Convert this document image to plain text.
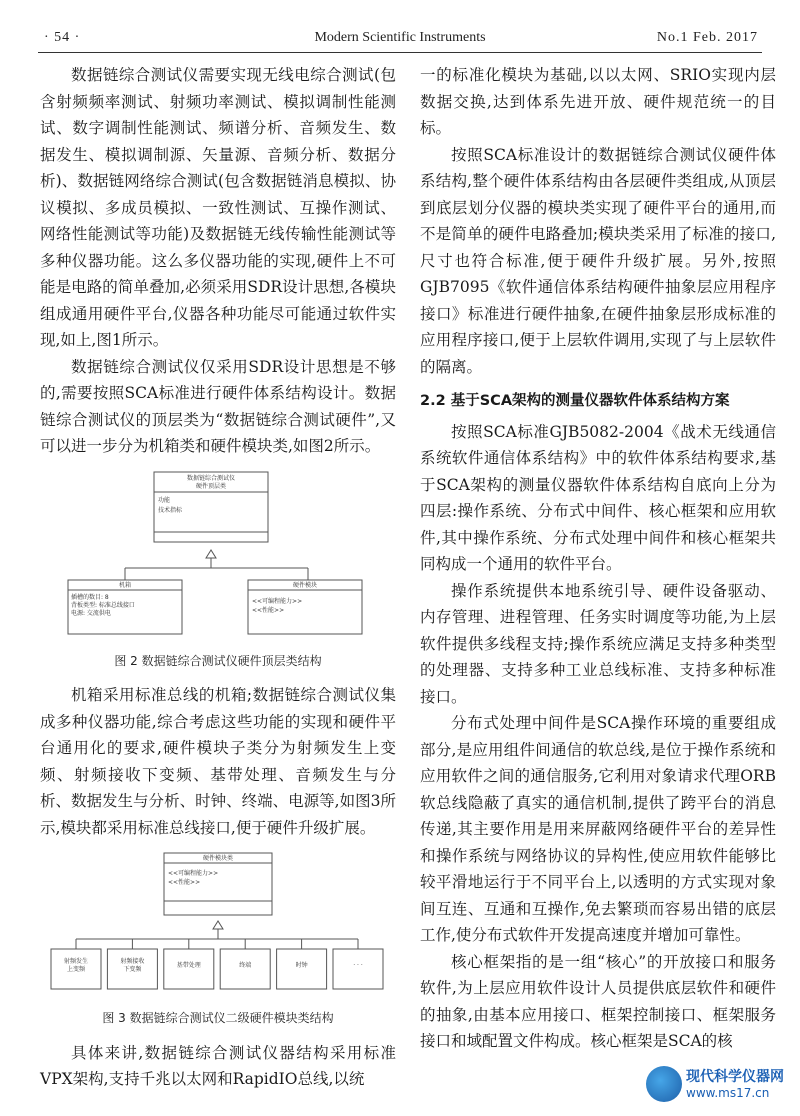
· 54 ·	Modern Scientific Instruments	No.1 Feb. 2017

数据链综合测试仪需要实现无线电综合测试(包含射频频率测试、射频功率测试、模拟调制性能测试、数字调制性能测试、频谱分析、音频发生、数据发生、模拟调制源、矢量源、音频分析、数据分析)、数据链网络综合测试(包含数据链消息模拟、协议模拟、多成员模拟、一致性测试、互操作测试、网络性能测试等功能)及数据链无线传输性能测试等多种仪器功能。这么多仪器功能的实现,硬件上不可能是电路的简单叠加,必须采用SDR设计思想,各模块组成通用硬件平台,仪器各种功能尽可能通过软件实现,如上,图1所示。

数据链综合测试仪仅采用SDR设计思想是不够的,需要按照SCA标准进行硬件体系结构设计。数据链综合测试仪的顶层类为“数据链综合测试硬件”,又可以进一步分为机箱类和硬件模块类,如图2所示。

数据链综合测试仪
硬件顶层类
功能
技术指标
机箱
插槽的数目: 8
背板类型: 标准总线接口
电源: 交流供电
硬件模块
<<可编程能力>>
<<性能>>
图 2 数据链综合测试仪硬件顶层类结构

机箱采用标准总线的机箱;数据链综合测试仪集成多种仪器功能,综合考虑这些功能的实现和硬件平台通用化的要求,硬件模块子类分为射频发生上变频、射频接收下变频、基带处理、音频发生与分析、数据发生与分析、时钟、终端、电源等,如图3所示,模块都采用标准总线接口,便于硬件升级扩展。

硬件模块类
<<可编程能力>>
<<性能>>
射频发生
上变频
射频接收
下变频
基带处理	终端	时钟	· · ·
图 3 数据链综合测试仪二级硬件模块类结构

具体来讲,数据链综合测试仪器结构采用标准VPX架构,支持千兆以太网和RapidIO总线,以统

一的标准化模块为基础,以以太网、SRIO实现内层数据交换,达到体系先进开放、硬件规范统一的目标。

按照SCA标准设计的数据链综合测试仪硬件体系结构,整个硬件体系结构由各层硬件类组成,从顶层到底层划分仪器的模块类实现了硬件平台的通用,而不是简单的硬件电路叠加;模块类采用了标准的接口,尺寸也符合标准,便于硬件升级扩展。另外,按照GJB7095《软件通信体系结构硬件抽象层应用程序接口》标准进行硬件抽象,在硬件抽象层形成标准的应用程序接口,便于上层软件调用,实现了与上层软件的隔离。

2.2 基于SCA架构的测量仪器软件体系结构方案

按照SCA标准GJB5082-2004《战术无线通信系统软件通信体系结构》中的软件体系结构要求,基于SCA架构的测量仪器软件体系结构自底向上分为四层:操作系统、分布式中间件、核心框架和应用软件,其中操作系统、分布式处理中间件和核心框架共同构成一个通用的软件平台。

操作系统提供本地系统引导、硬件设备驱动、内存管理、进程管理、任务实时调度等功能,为上层软件提供多线程支持;操作系统应满足支持多种类型的处理器、支持多种工业总线标准、支持多种标准接口。

分布式处理中间件是SCA操作环境的重要组成部分,是应用组件间通信的软总线,是位于操作系统和应用软件之间的通信服务,它利用对象请求代理ORB软总线隐蔽了真实的通信机制,提供了跨平台的消息传递,其主要作用是用来屏蔽网络硬件平台的差异性和操作系统与网络协议的异构性,使应用软件能够比较平滑地运行于不同平台上,以透明的方式实现对象间互连、互通和互操作,免去繁琐而容易出错的底层工作,使分布式软件开发提高速度并增加可靠性。

核心框架指的是一组“核心”的开放接口和服务软件,为上层应用软件设计人员提供底层软件和硬件的抽象,由基本应用接口、框架控制接口、框架服务接口和域配置文件构成。核心框架是SCA的核

现代科学仪器网
www.ms17.cn
